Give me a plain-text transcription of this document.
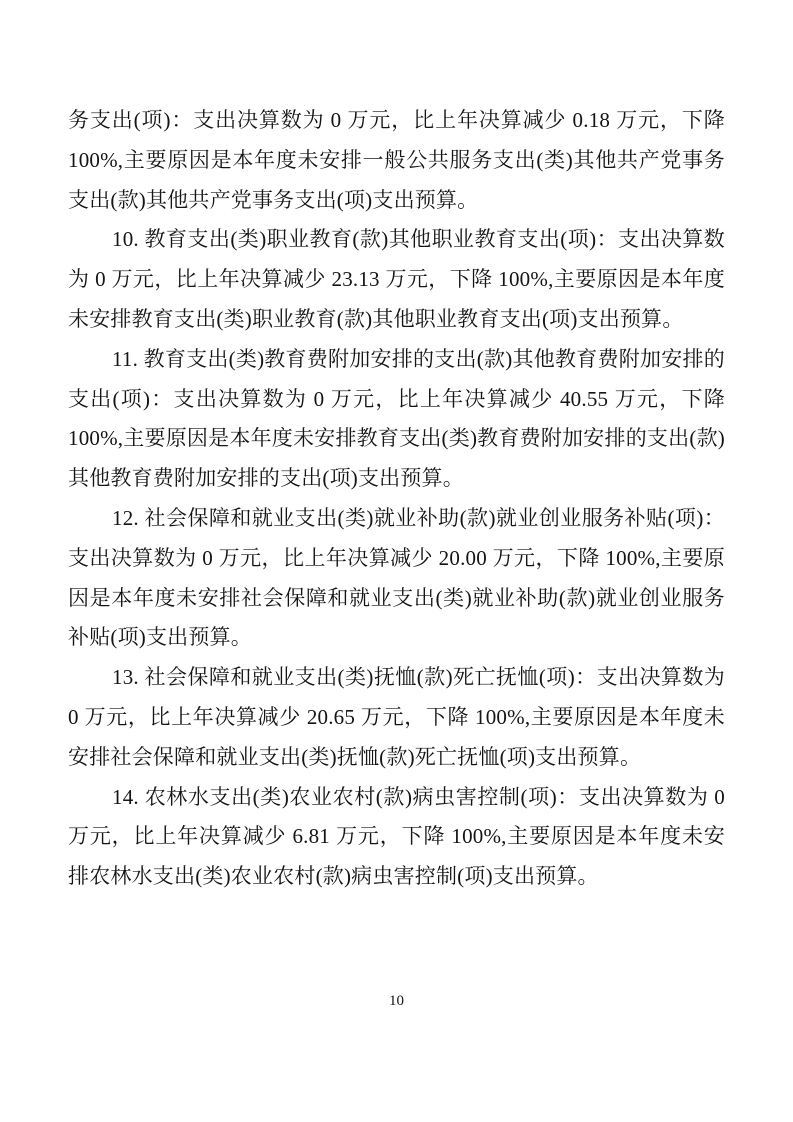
务支出(项)：支出决算数为 0 万元，比上年决算减少 0.18 万元，下降 100%,主要原因是本年度未安排一般公共服务支出(类)其他共产党事务支出(款)其他共产党事务支出(项)支出预算。

10. 教育支出(类)职业教育(款)其他职业教育支出(项)：支出决算数为 0 万元，比上年决算减少 23.13 万元，下降 100%,主要原因是本年度未安排教育支出(类)职业教育(款)其他职业教育支出(项)支出预算。

11. 教育支出(类)教育费附加安排的支出(款)其他教育费附加安排的支出(项)：支出决算数为 0 万元，比上年决算减少 40.55 万元，下降 100%,主要原因是本年度未安排教育支出(类)教育费附加安排的支出(款)其他教育费附加安排的支出(项)支出预算。

12. 社会保障和就业支出(类)就业补助(款)就业创业服务补贴(项)：支出决算数为 0 万元，比上年决算减少 20.00 万元，下降 100%,主要原因是本年度未安排社会保障和就业支出(类)就业补助(款)就业创业服务补贴(项)支出预算。

13. 社会保障和就业支出(类)抚恤(款)死亡抚恤(项)：支出决算数为 0 万元，比上年决算减少 20.65 万元，下降 100%,主要原因是本年度未安排社会保障和就业支出(类)抚恤(款)死亡抚恤(项)支出预算。

14. 农林水支出(类)农业农村(款)病虫害控制(项)：支出决算数为 0 万元，比上年决算减少 6.81 万元，下降 100%,主要原因是本年度未安排农林水支出(类)农业农村(款)病虫害控制(项)支出预算。

10
